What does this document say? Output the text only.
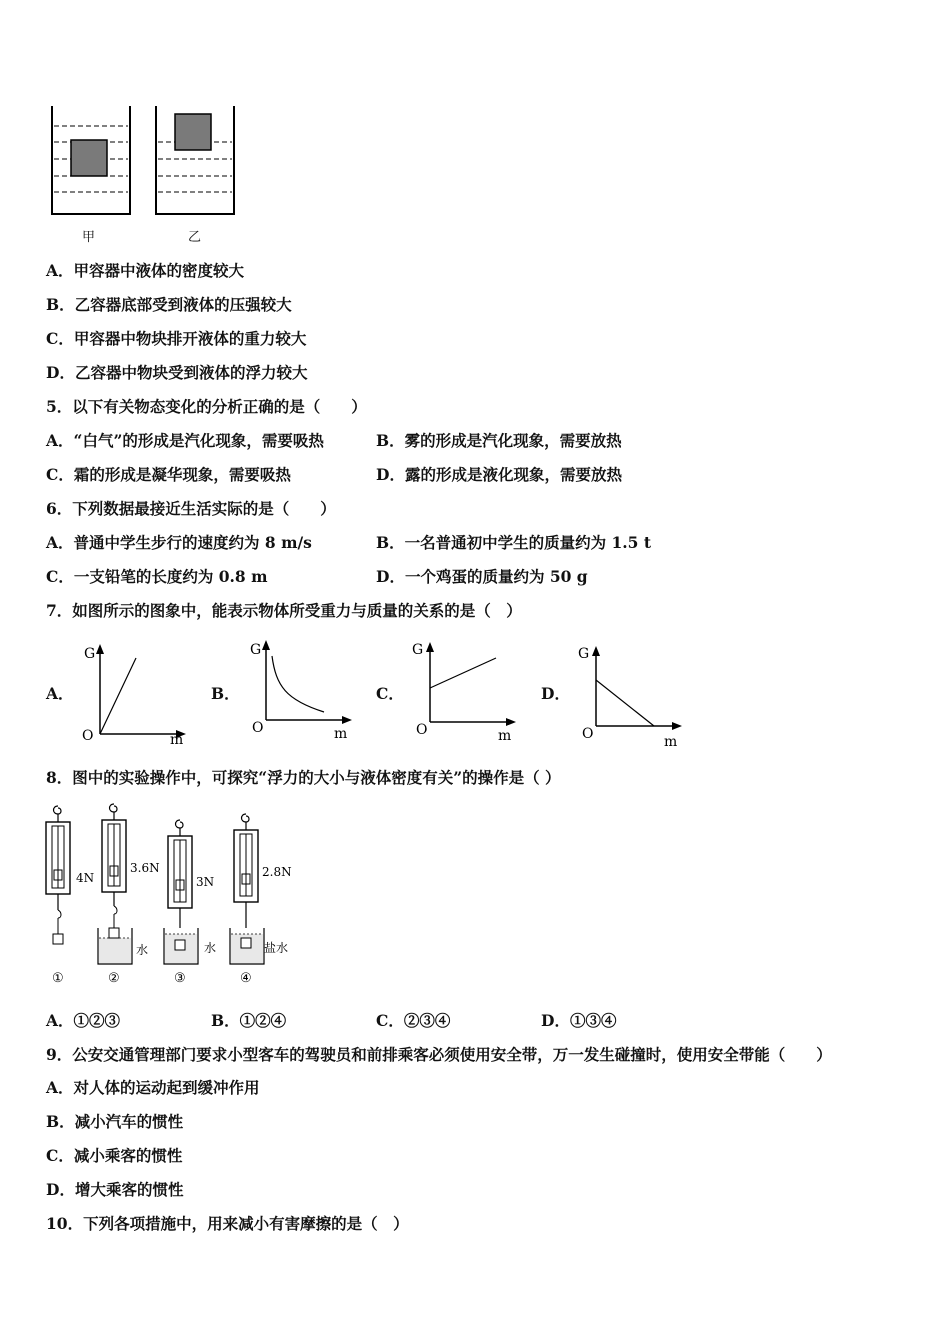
甲	乙
A．甲容器中液体的密度较大
B．乙容器底部受到液体的压强较大
C．甲容器中物块排开液体的重力较大
D．乙容器中物块受到液体的浮力较大
5．以下有关物态变化的分析正确的是（　　）
A．“白气”的形成是汽化现象，需要吸热	B．雾的形成是汽化现象，需要放热
C．霜的形成是凝华现象，需要吸热	D．露的形成是液化现象，需要放热
6．下列数据最接近生活实际的是（　　）
A．普通中学生步行的速度约为 8 m/s	B．一名普通初中学生的质量约为 1.5 t
C．一支铅笔的长度约为 0.8 m	D．一个鸡蛋的质量约为 50 g
7．如图所示的图象中，能表示物体所受重力与质量的关系的是（　）
A．	B．	C．	D．
G
O	m
G
O	m
G
O	m
G
O	m
8．图中的实验操作中，可探究“浮力的大小与液体密度有关”的操作是（ ）
4N
3.6N
水
3N
水
2.8N
盐水
①	②	③	④
A．①②③	B．①②④	C．②③④	D．①③④
9．公安交通管理部门要求小型客车的驾驶员和前排乘客必须使用安全带，万一发生碰撞时，使用安全带能（　　）
A．对人体的运动起到缓冲作用
B．减小汽车的惯性
C．减小乘客的惯性
D．增大乘客的惯性
10．下列各项措施中，用来减小有害摩擦的是（　）
